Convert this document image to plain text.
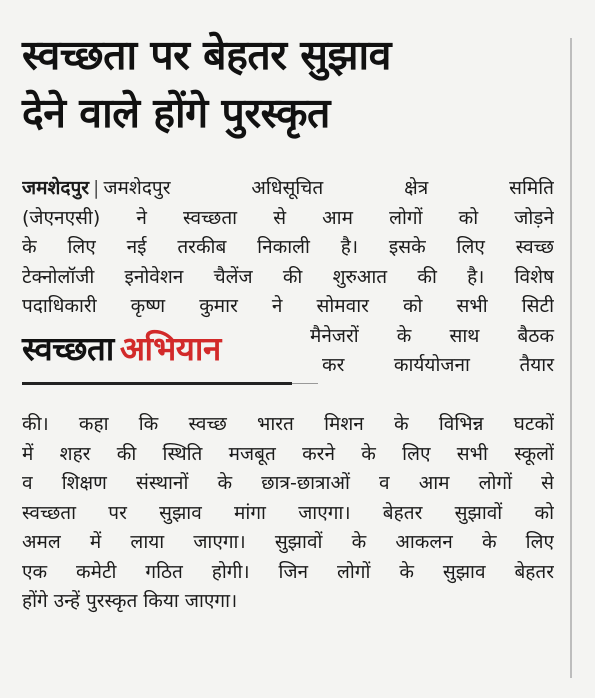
स्वच्छता पर बेहतर सुझाव
देने वाले होंगे पुरस्कृत
जमशेदपुर | जमशेदपुर अधिसूचित क्षेत्र समिति
(जेएनएसी) ने स्वच्छता से आम लोगों को जोड़ने
के लिए नई तरकीब निकाली है। इसके लिए स्वच्छ
टेक्नोलॉजी इनोवेशन चैलेंज की शुरुआत की है। विशेष
पदाधिकारी कृष्ण कुमार ने सोमवार को सभी सिटी
स्वच्छता अभियान	मैनेजरों के साथ बैठक
कर कार्ययोजना तैयार
की। कहा कि स्वच्छ भारत मिशन के विभिन्न घटकों
में शहर की स्थिति मजबूत करने के लिए सभी स्कूलों
व शिक्षण संस्थानों के छात्र-छात्राओं व आम लोगों से
स्वच्छता पर सुझाव मांगा जाएगा। बेहतर सुझावों को
अमल में लाया जाएगा। सुझावों के आकलन के लिए
एक कमेटी गठित होगी। जिन लोगों के सुझाव बेहतर
होंगे उन्हें पुरस्कृत किया जाएगा।
